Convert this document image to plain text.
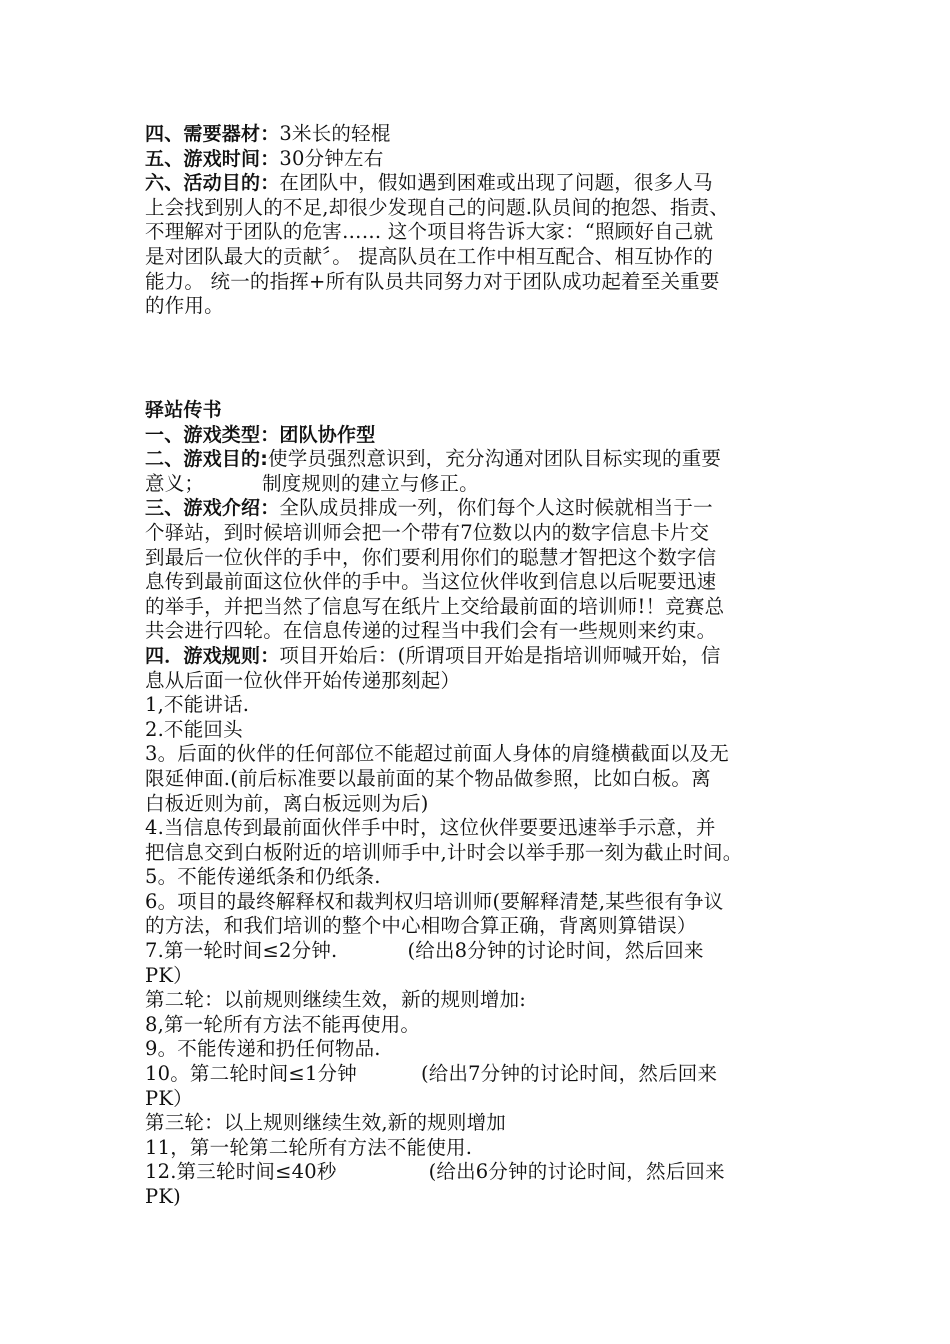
四、需要器材：3米长的轻棍
五、游戏时间：30分钟左右
六、活动目的：在团队中，假如遇到困难或出现了问题，很多人马
上会找到别人的不足,却很少发现自己的问题.队员间的抱怨、指责、
不理解对于团队的危害…… 这个项目将告诉大家：“照顾好自己就
是对团队最大的贡献〞。 提高队员在工作中相互配合、相互协作的
能力。 统一的指挥+所有队员共同努力对于团队成功起着至关重要
的作用。
驿站传书
一、游戏类型：团队协作型
二、游戏目的:使学员强烈意识到，充分沟通对团队目标实现的重要
意义；	制度规则的建立与修正。
三、游戏介绍：全队成员排成一列，你们每个人这时候就相当于一
个驿站，到时候培训师会把一个带有7位数以内的数字信息卡片交
到最后一位伙伴的手中，你们要利用你们的聪慧才智把这个数字信
息传到最前面这位伙伴的手中。当这位伙伴收到信息以后呢要迅速
的举手，并把当然了信息写在纸片上交给最前面的培训师!！竞赛总
共会进行四轮。在信息传递的过程当中我们会有一些规则来约束。
四．游戏规则：项目开始后：(所谓项目开始是指培训师喊开始，信
息从后面一位伙伴开始传递那刻起）
1,不能讲话.
2.不能回头
3。后面的伙伴的任何部位不能超过前面人身体的肩缝横截面以及无
限延伸面.(前后标准要以最前面的某个物品做参照，比如白板。离
白板近则为前，离白板远则为后)
4.当信息传到最前面伙伴手中时，这位伙伴要要迅速举手示意，并
把信息交到白板附近的培训师手中,计时会以举手那一刻为截止时间。
5。不能传递纸条和仍纸条.
6。项目的最终解释权和裁判权归培训师(要解释清楚,某些很有争议
的方法，和我们培训的整个中心相吻合算正确，背离则算错误）
7.第一轮时间≤2分钟.	(给出8分钟的讨论时间，然后回来
PK）
第二轮：以前规则继续生效，新的规则增加:
8,第一轮所有方法不能再使用。
9。不能传递和扔任何物品.
10。第二轮时间≤1分钟	(给出7分钟的讨论时间，然后回来
PK）
第三轮：以上规则继续生效,新的规则增加
11，第一轮第二轮所有方法不能使用.
12.第三轮时间≤40秒	(给出6分钟的讨论时间，然后回来
PK)
